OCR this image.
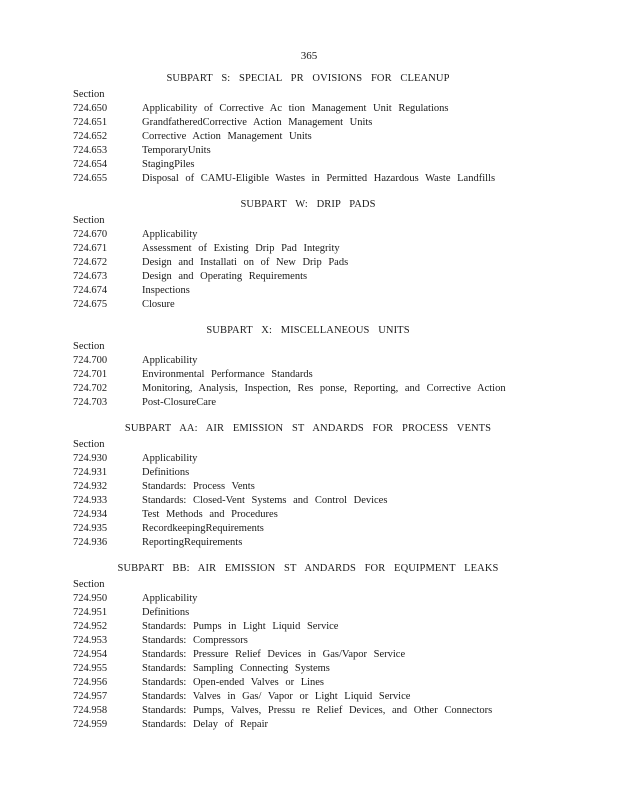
365
SUBPART S: SPECIAL PR OVISIONS FOR CLEANUP
Section
724.650	Applicability of Corrective Ac tion Management Unit Regulations
724.651	GrandfatheredCorrective Action Management Units
724.652	Corrective Action Management Units
724.653	TemporaryUnits
724.654	StagingPiles
724.655	Disposal of CAMU-Eligible Wastes in Permitted Hazardous Waste Landfills
SUBPART W: DRIP PADS
Section
724.670	Applicability
724.671	Assessment of Existing Drip Pad Integrity
724.672	Design and Installati on of New Drip Pads
724.673	Design and Operating Requirements
724.674	Inspections
724.675	Closure
SUBPART X: MISCELLANEOUS UNITS
Section
724.700	Applicability
724.701	Environmental Performance Standards
724.702	Monitoring, Analysis, Inspection, Res ponse, Reporting, and Corrective Action
724.703	Post-ClosureCare
SUBPART AA: AIR EMISSION ST ANDARDS FOR PROCESS VENTS
Section
724.930	Applicability
724.931	Definitions
724.932	Standards: Process Vents
724.933	Standards: Closed-Vent Systems and Control Devices
724.934	Test Methods and Procedures
724.935	RecordkeepingRequirements
724.936	ReportingRequirements
SUBPART BB: AIR EMISSION ST ANDARDS FOR EQUIPMENT LEAKS
Section
724.950	Applicability
724.951	Definitions
724.952	Standards: Pumps in Light Liquid Service
724.953	Standards: Compressors
724.954	Standards: Pressure Relief Devices in Gas/Vapor Service
724.955	Standards: Sampling Connecting Systems
724.956	Standards: Open-ended Valves or Lines
724.957	Standards: Valves in Gas/ Vapor or Light Liquid Service
724.958	Standards: Pumps, Valves, Pressu re Relief Devices, and Other Connectors
724.959	Standards: Delay of Repair
